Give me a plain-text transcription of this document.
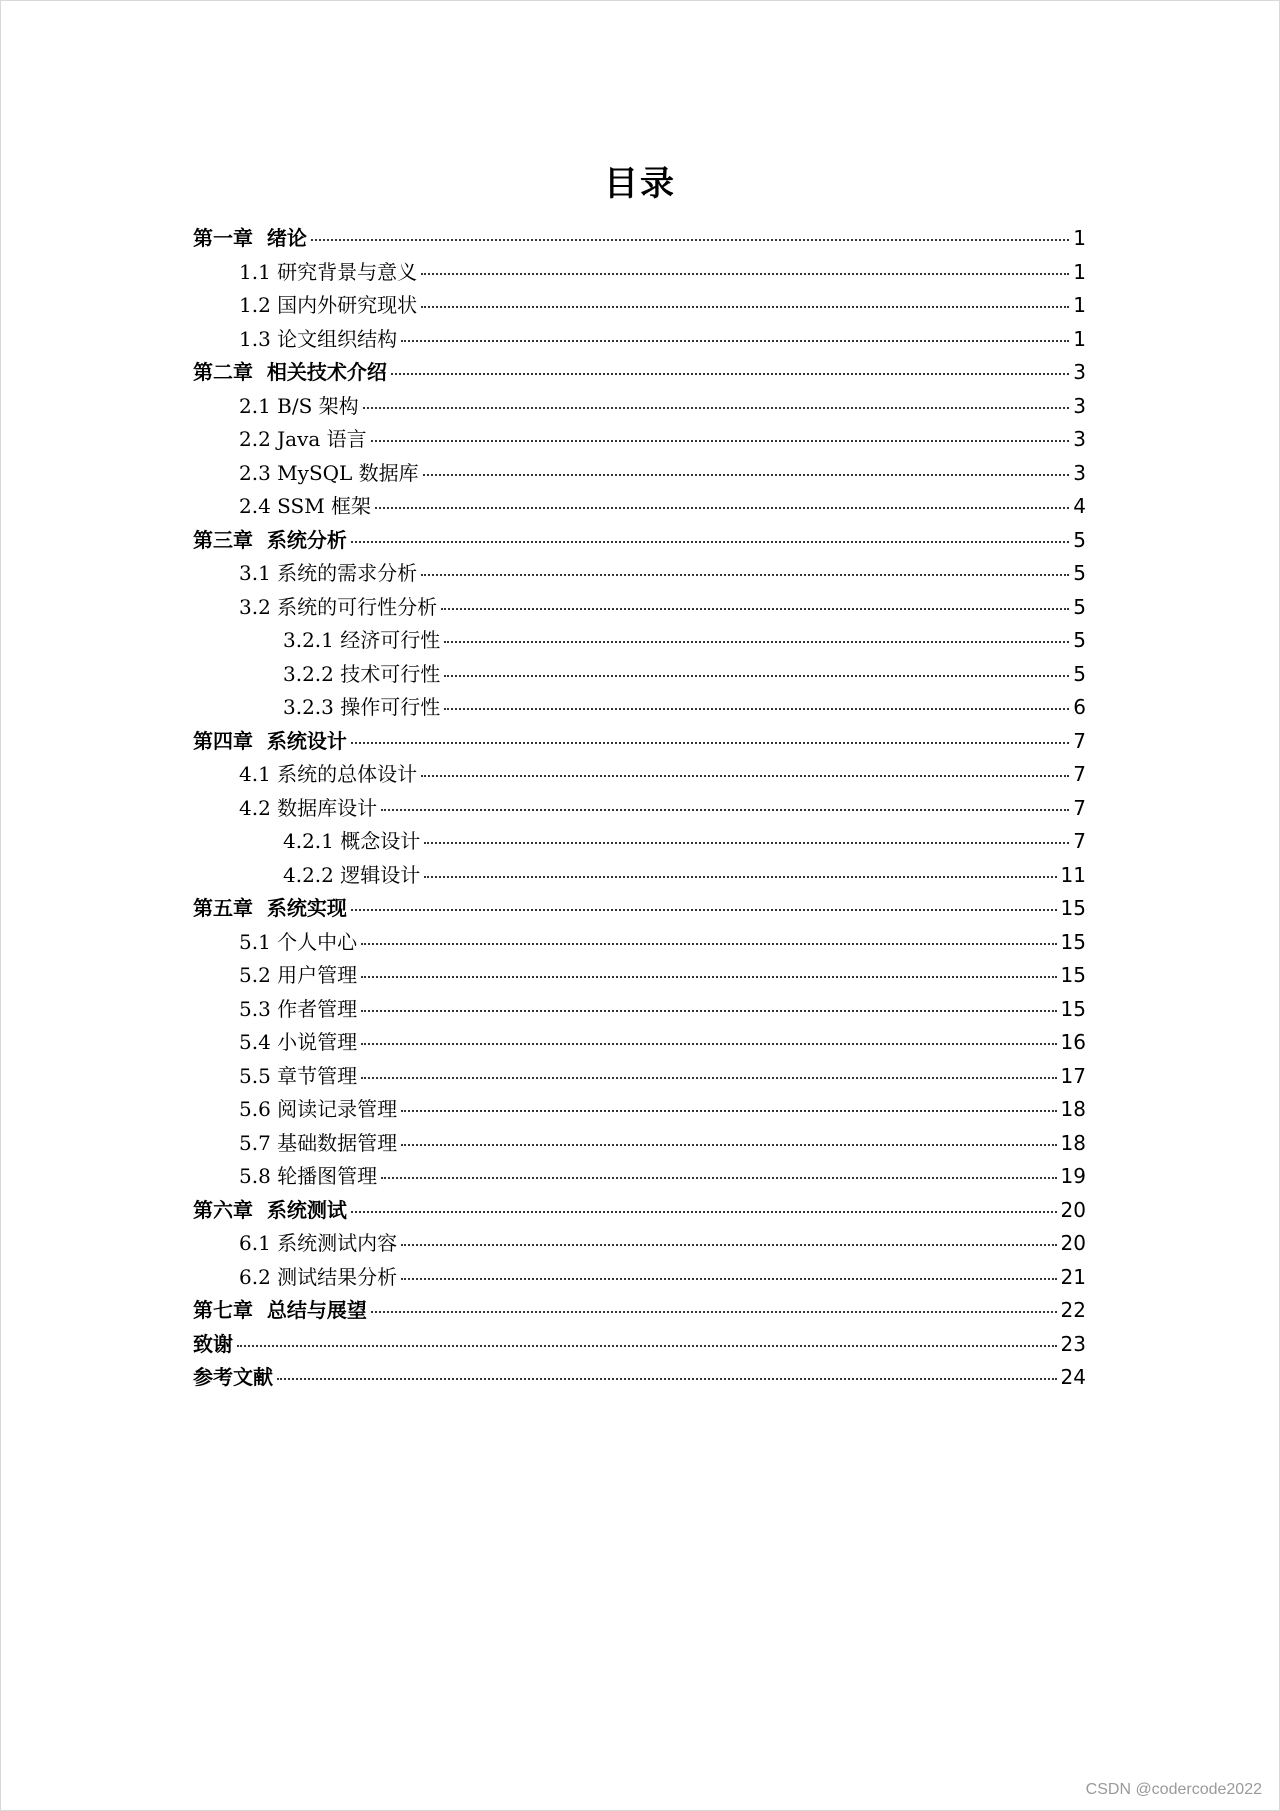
目录
第一章  绪论	1
1.1 研究背景与意义	1
1.2 国内外研究现状	1
1.3 论文组织结构	1
第二章  相关技术介绍	3
2.1 B/S 架构	3
2.2 Java 语言	3
2.3 MySQL 数据库	3
2.4 SSM 框架	4
第三章  系统分析	5
3.1 系统的需求分析	5
3.2 系统的可行性分析	5
3.2.1 经济可行性	5
3.2.2 技术可行性	5
3.2.3 操作可行性	6
第四章  系统设计	7
4.1 系统的总体设计	7
4.2 数据库设计	7
4.2.1 概念设计	7
4.2.2 逻辑设计	11
第五章  系统实现	15
5.1 个人中心	15
5.2 用户管理	15
5.3 作者管理	15
5.4 小说管理	16
5.5 章节管理	17
5.6 阅读记录管理	18
5.7 基础数据管理	18
5.8 轮播图管理	19
第六章  系统测试	20
6.1 系统测试内容	20
6.2 测试结果分析	21
第七章  总结与展望	22
致谢	23
参考文献	24
CSDN @codercode2022
